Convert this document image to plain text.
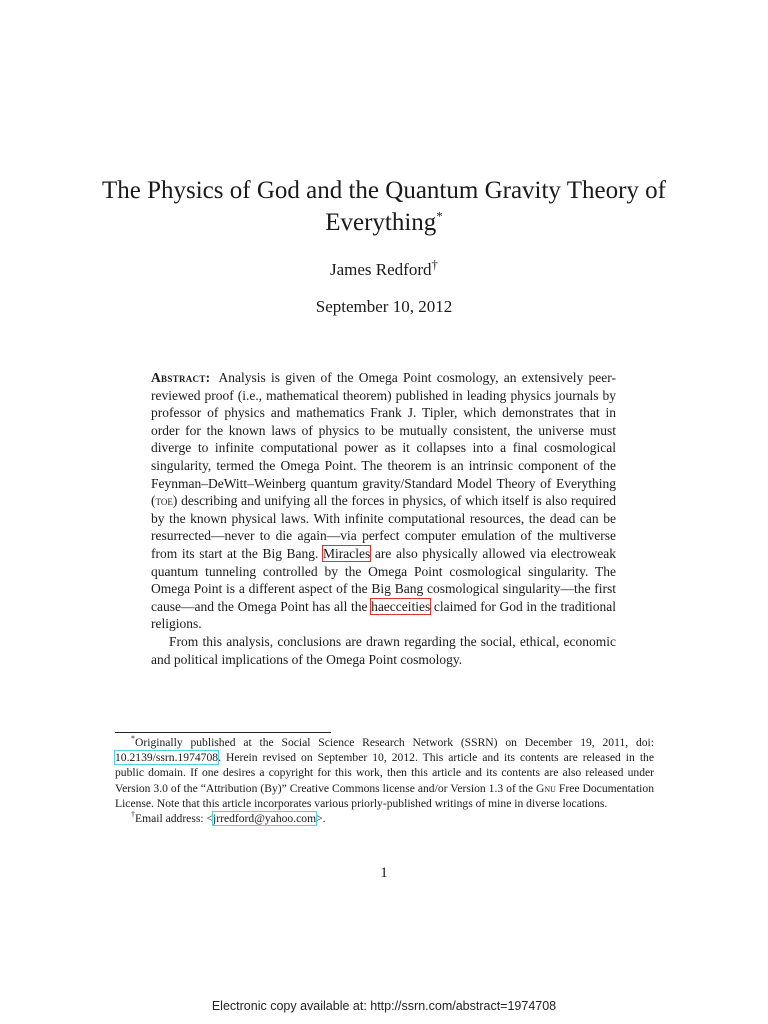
The Physics of God and the Quantum Gravity Theory of Everything*
James Redford†
September 10, 2012

Abstract: Analysis is given of the Omega Point cosmology, an extensively peer-reviewed proof (i.e., mathematical theorem) published in leading physics journals by professor of physics and mathematics Frank J. Tipler, which demonstrates that in order for the known laws of physics to be mutually consistent, the universe must diverge to infinite computational power as it collapses into a final cosmological singularity, termed the Omega Point. The theorem is an intrinsic component of the Feynman–DeWitt–Weinberg quantum gravity/Standard Model Theory of Everything (toe) describing and unifying all the forces in physics, of which itself is also required by the known physical laws. With infinite computational resources, the dead can be resurrected—never to die again—via perfect computer emulation of the multiverse from its start at the Big Bang. Miracles are also physically allowed via electroweak quantum tunneling controlled by the Omega Point cosmological singularity. The Omega Point is a different aspect of the Big Bang cosmological singularity—the first cause—and the Omega Point has all the haecceities claimed for God in the traditional religions.

From this analysis, conclusions are drawn regarding the social, ethical, economic and political implications of the Omega Point cosmology.

*Originally published at the Social Science Research Network (SSRN) on December 19, 2011, doi: 10.2139/ssrn.1974708. Herein revised on September 10, 2012. This article and its contents are released in the public domain. If one desires a copyright for this work, then this article and its contents are also released under Version 3.0 of the “Attribution (By)” Creative Commons license and/or Version 1.3 of the Gnu Free Documentation License. Note that this article incorporates various priorly-published writings of mine in diverse locations.

†Email address: <jrredford@yahoo.com>.

1
Electronic copy available at: http://ssrn.com/abstract=1974708
